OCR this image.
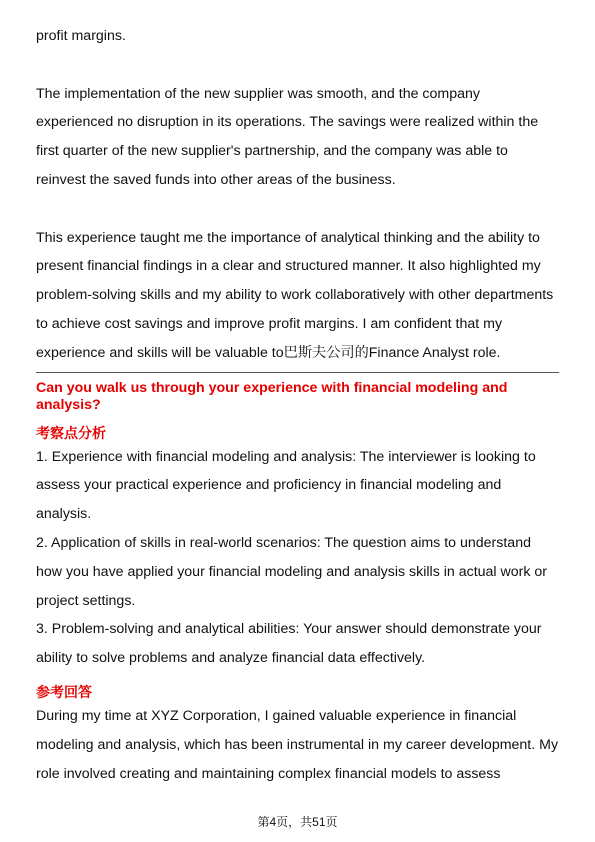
profit margins.

The implementation of the new supplier was smooth, and the company experienced no disruption in its operations. The savings were realized within the first quarter of the new supplier's partnership, and the company was able to reinvest the saved funds into other areas of the business.

This experience taught me the importance of analytical thinking and the ability to present financial findings in a clear and structured manner. It also highlighted my problem-solving skills and my ability to work collaboratively with other departments to achieve cost savings and improve profit margins. I am confident that my experience and skills will be valuable to巴斯夫公司的Finance Analyst role.

Can you walk us through your experience with financial modeling and analysis?
考察点分析

1. Experience with financial modeling and analysis: The interviewer is looking to assess your practical experience and proficiency in financial modeling and analysis.

2. Application of skills in real-world scenarios: The question aims to understand how you have applied your financial modeling and analysis skills in actual work or project settings.

3. Problem-solving and analytical abilities: Your answer should demonstrate your ability to solve problems and analyze financial data effectively.

参考回答

During my time at XYZ Corporation, I gained valuable experience in financial modeling and analysis, which has been instrumental in my career development. My role involved creating and maintaining complex financial models to assess

第4页，共51页
